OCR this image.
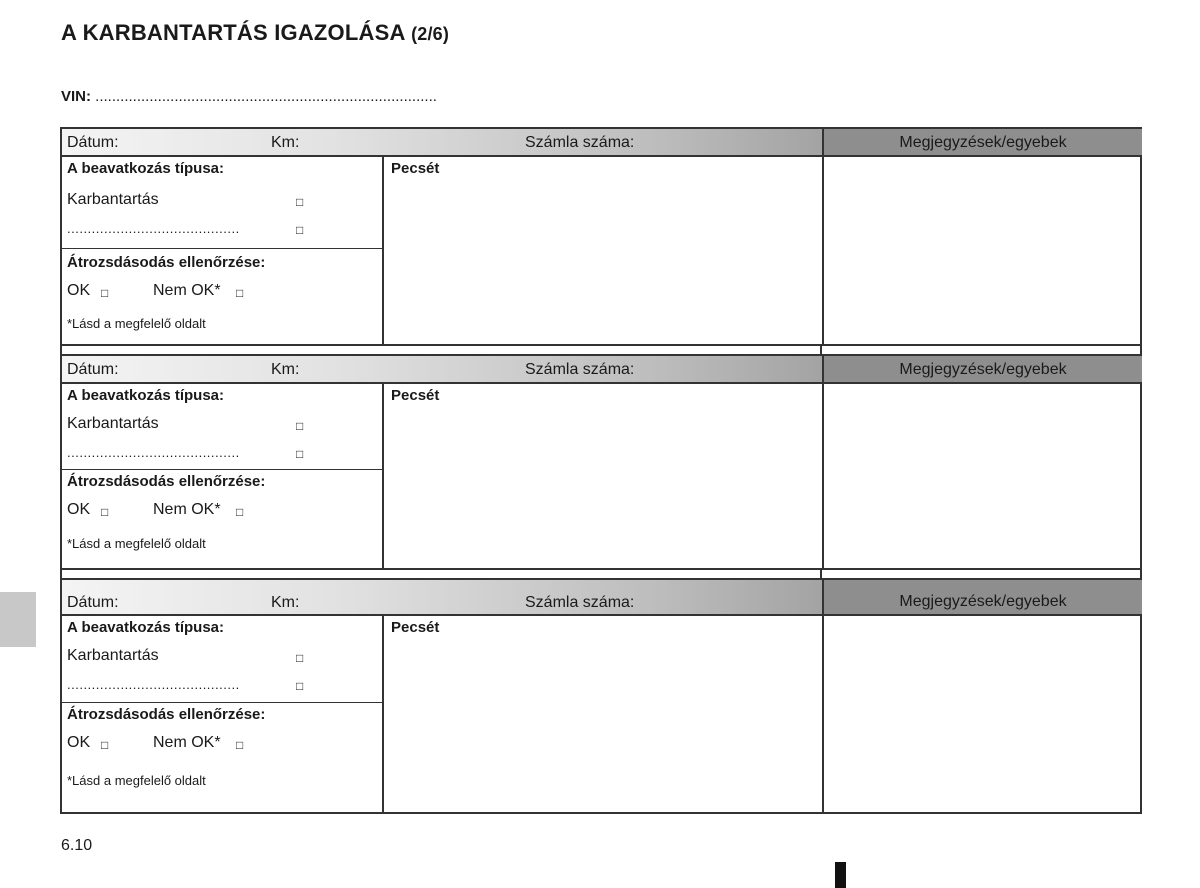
A KARBANTARTÁS IGAZOLÁSA (2/6)
VIN: ..................................................................................
Dátum:	Km:	Számla száma:	Megjegyzések/egyebek
A beavatkozás típusa:
Karbantartás	□
..........................................	□
Átrozsdásodás ellenőrzése:
OK □	Nem OK* □
*Lásd a megfelelő oldalt
Pecsét
Dátum:	Km:	Számla száma:	Megjegyzések/egyebek
A beavatkozás típusa:
Karbantartás	□
..........................................	□
Átrozsdásodás ellenőrzése:
OK □	Nem OK* □
*Lásd a megfelelő oldalt
Pecsét
Dátum:	Km:	Számla száma:	Megjegyzések/egyebek
A beavatkozás típusa:
Karbantartás	□
..........................................	□
Átrozsdásodás ellenőrzése:
OK □	Nem OK* □
*Lásd a megfelelő oldalt
Pecsét
6.10
